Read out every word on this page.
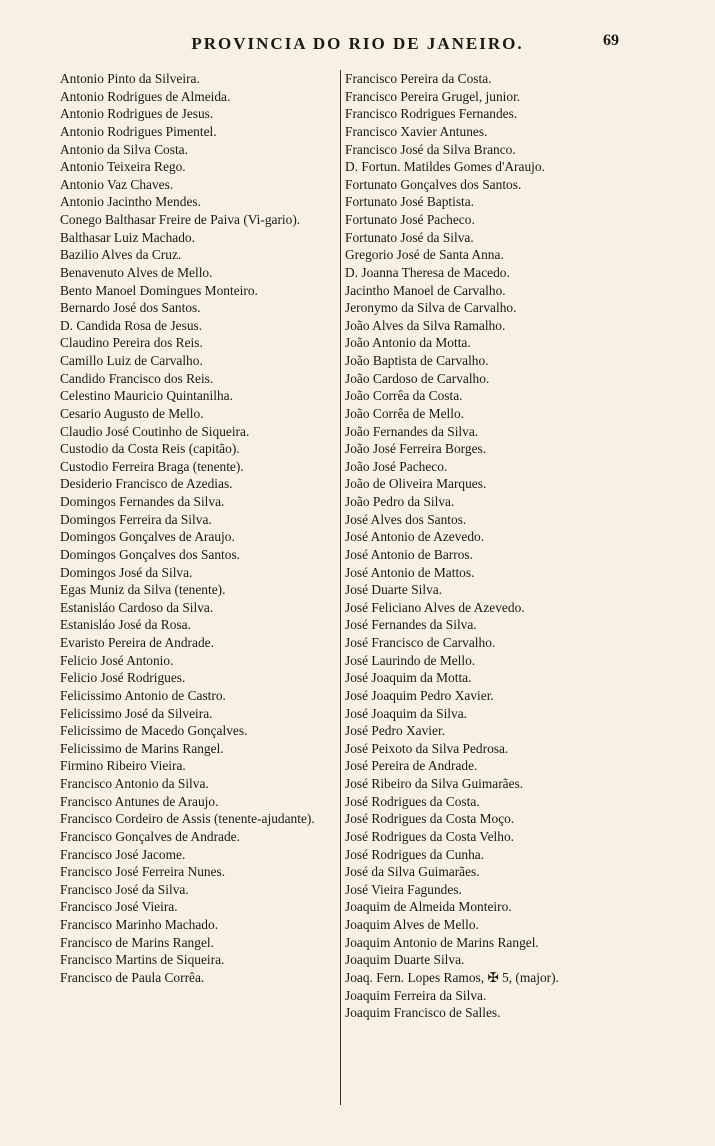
PROVINCIA DO RIO DE JANEIRO.	69
Antonio Pinto da Silveira.
Antonio Rodrigues de Almeida.
Antonio Rodrigues de Jesus.
Antonio Rodrigues Pimentel.
Antonio da Silva Costa.
Antonio Teixeira Rego.
Antonio Vaz Chaves.
Antonio Jacintho Mendes.
Conego Balthasar Freire de Paiva (Vi-gario).
Balthasar Luiz Machado.
Bazilio Alves da Cruz.
Benavenuto Alves de Mello.
Bento Manoel Domingues Monteiro.
Bernardo José dos Santos.
D. Candida Rosa de Jesus.
Claudino Pereira dos Reis.
Camillo Luiz de Carvalho.
Candido Francisco dos Reis.
Celestino Mauricio Quintanilha.
Cesario Augusto de Mello.
Claudio José Coutinho de Siqueira.
Custodio da Costa Reis (capitão).
Custodio Ferreira Braga (tenente).
Desiderio Francisco de Azedias.
Domingos Fernandes da Silva.
Domingos Ferreira da Silva.
Domingos Gonçalves de Araujo.
Domingos Gonçalves dos Santos.
Domingos José da Silva.
Egas Muniz da Silva (tenente).
Estanisláo Cardoso da Silva.
Estanisláo José da Rosa.
Evaristo Pereira de Andrade.
Felicio José Antonio.
Felicio José Rodrigues.
Felicissimo Antonio de Castro.
Felicissimo José da Silveira.
Felicissimo de Macedo Gonçalves.
Felicissimo de Marins Rangel.
Firmino Ribeiro Vieira.
Francisco Antonio da Silva.
Francisco Antunes de Araujo.
Francisco Cordeiro de Assis (tenente-ajudante).
Francisco Gonçalves de Andrade.
Francisco José Jacome.
Francisco José Ferreira Nunes.
Francisco José da Silva.
Francisco José Vieira.
Francisco Marinho Machado.
Francisco de Marins Rangel.
Francisco Martins de Siqueira.
Francisco de Paula Corrêa.
Francisco Pereira da Costa.
Francisco Pereira Grugel, junior.
Francisco Rodrigues Fernandes.
Francisco Xavier Antunes.
Francisco José da Silva Branco.
D. Fortun. Matildes Gomes d'Araujo.
Fortunato Gonçalves dos Santos.
Fortunato José Baptista.
Fortunato José Pacheco.
Fortunato José da Silva.
Gregorio José de Santa Anna.
D. Joanna Theresa de Macedo.
Jacintho Manoel de Carvalho.
Jeronymo da Silva de Carvalho.
João Alves da Silva Ramalho.
João Antonio da Motta.
João Baptista de Carvalho.
João Cardoso de Carvalho.
João Corrêa da Costa.
João Corrêa de Mello.
João Fernandes da Silva.
João José Ferreira Borges.
João José Pacheco.
João de Oliveira Marques.
João Pedro da Silva.
José Alves dos Santos.
José Antonio de Azevedo.
José Antonio de Barros.
José Antonio de Mattos.
José Duarte Silva.
José Feliciano Alves de Azevedo.
José Fernandes da Silva.
José Francisco de Carvalho.
José Laurindo de Mello.
José Joaquim da Motta.
José Joaquim Pedro Xavier.
José Joaquim da Silva.
José Pedro Xavier.
José Peixoto da Silva Pedrosa.
José Pereira de Andrade.
José Ribeiro da Silva Guimarães.
José Rodrigues da Costa.
José Rodrigues da Costa Moço.
José Rodrigues da Costa Velho.
José Rodrigues da Cunha.
José da Silva Guimarães.
José Vieira Fagundes.
Joaquim de Almeida Monteiro.
Joaquim Alves de Mello.
Joaquim Antonio de Marins Rangel.
Joaquim Duarte Silva.
Joaq. Fern. Lopes Ramos, ✠ 5, (major).
Joaquim Ferreira da Silva.
Joaquim Francisco de Salles.
